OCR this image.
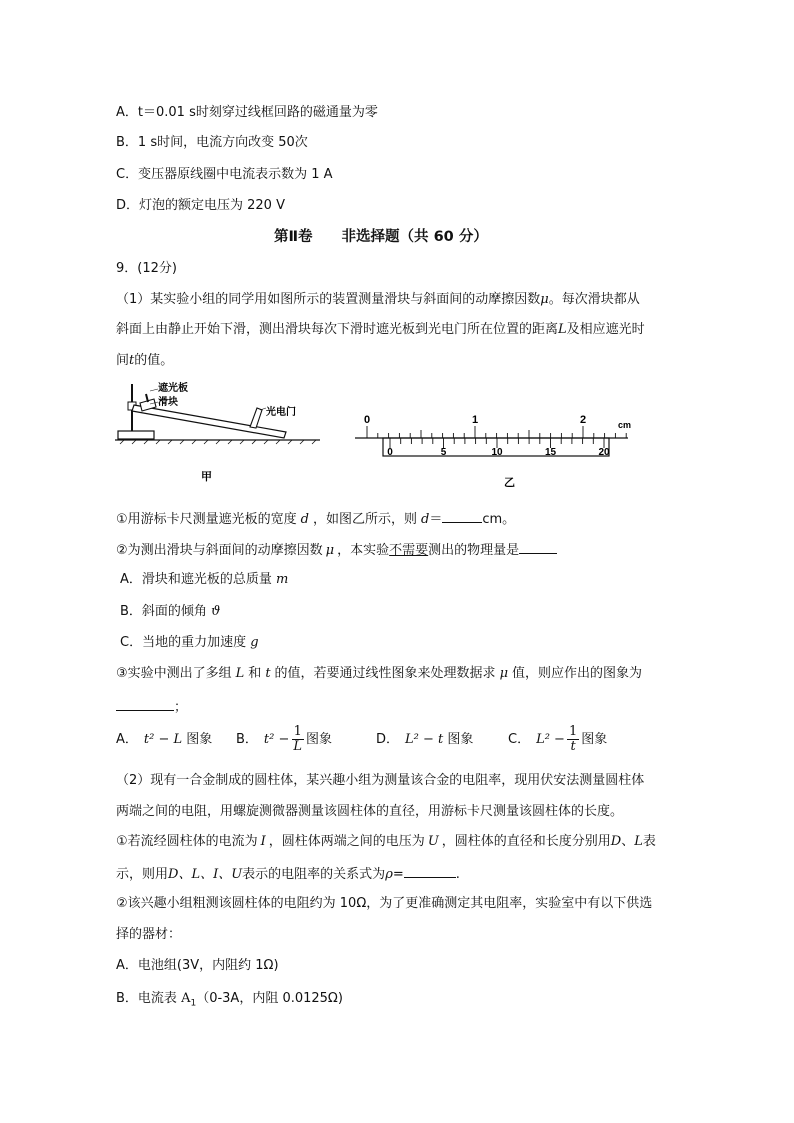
A．t＝0.01 s时刻穿过线框回路的磁通量为零
B．1 s时间，电流方向改变 50次
C．变压器原线圈中电流表示数为 1 A
D．灯泡的额定电压为 220 V
第Ⅱ卷　　非选择题（共 60 分）
9．(12分)
（1）某实验小组的同学用如图所示的装置测量滑块与斜面间的动摩擦因数μ。每次滑块都从
斜面上由静止开始下滑，测出滑块每次下滑时遮光板到光电门所在位置的距离L及相应遮光时
间t的值。
遮光板
滑块
光电门
甲
0	1	2	cm
0	5	10	15	20
乙
①用游标卡尺测量遮光板的宽度 d ，如图乙所示，则 d＝	cm。
②为测出滑块与斜面间的动摩擦因数 μ ，本实验不需要测出的物理量是
A．滑块和遮光板的总质量 m
B．斜面的倾角 ϑ
C．当地的重力加速度 g
③实验中测出了多组 L 和 t 的值，若要通过线性图象来处理数据求 μ 值，则应作出的图象为
；
A． t² − L 图象 B． $t^2 - \frac{1}{L}$ 图象	D． L² − t 图象	C． $L^2 - \frac{1}{t}$ 图象
（2）现有一合金制成的圆柱体，某兴趣小组为测量该合金的电阻率，现用伏安法测量圆柱体
两端之间的电阻，用螺旋测微器测量该圆柱体的直径，用游标卡尺测量该圆柱体的长度。
①若流经圆柱体的电流为 I ，圆柱体两端之间的电压为 U ，圆柱体的直径和长度分别用D、L表
示，则用D、L、I、U表示的电阻率的关系式为ρ=	.
②该兴趣小组粗测该圆柱体的电阻约为 10Ω，为了更准确测定其电阻率，实验室中有以下供选
择的器材：
A．电池组(3V，内阻约 1Ω)
B．电流表 $A_1(0-3A$，内阻 0.0125Ω)
